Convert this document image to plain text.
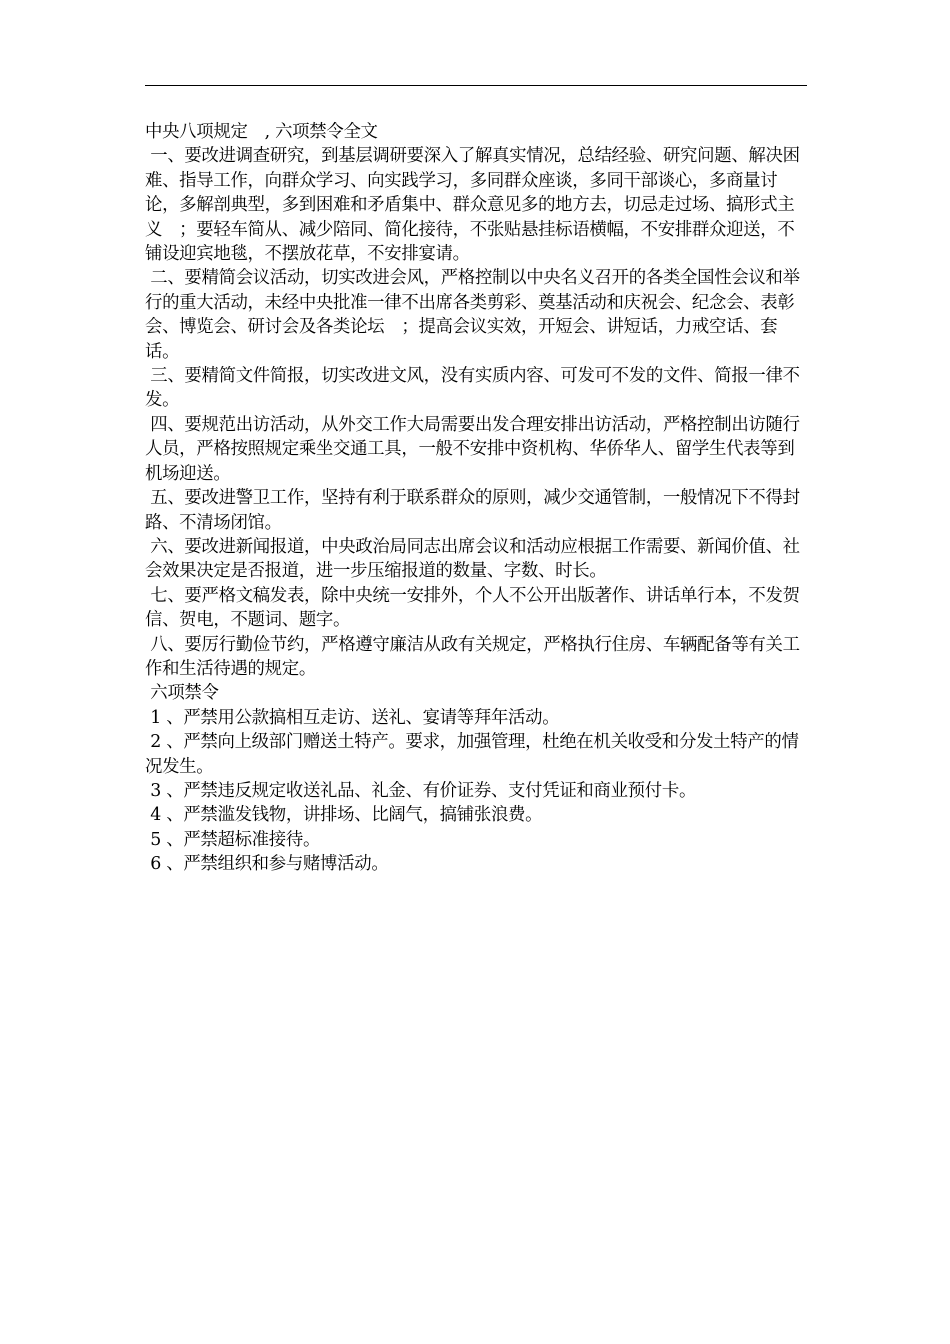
中央八项规定　, 六项禁令全文

一、要改进调查研究，到基层调研要深入了解真实情况，总结经验、研究问题、解决困难、指导工作，向群众学习、向实践学习，多同群众座谈，多同干部谈心，多商量讨论，多解剖典型，多到困难和矛盾集中、群众意见多的地方去，切忌走过场、搞形式主义　；要轻车简从、减少陪同、简化接待，不张贴悬挂标语横幅，不安排群众迎送，不铺设迎宾地毯，不摆放花草，不安排宴请。

二、要精简会议活动，切实改进会风，严格控制以中央名义召开的各类全国性会议和举行的重大活动，未经中央批准一律不出席各类剪彩、奠基活动和庆祝会、纪念会、表彰会、博览会、研讨会及各类论坛　；提高会议实效，开短会、讲短话，力戒空话、套话。

三、要精简文件简报，切实改进文风，没有实质内容、可发可不发的文件、简报一律不发。

四、要规范出访活动，从外交工作大局需要出发合理安排出访活动，严格控制出访随行人员，严格按照规定乘坐交通工具，一般不安排中资机构、华侨华人、留学生代表等到机场迎送。

五、要改进警卫工作，坚持有利于联系群众的原则，减少交通管制，一般情况下不得封路、不清场闭馆。

六、要改进新闻报道，中央政治局同志出席会议和活动应根据工作需要、新闻价值、社会效果决定是否报道，进一步压缩报道的数量、字数、时长。

七、要严格文稿发表，除中央统一安排外，个人不公开出版著作、讲话单行本，不发贺信、贺电，不题词、题字。

八、要厉行勤俭节约，严格遵守廉洁从政有关规定，严格执行住房、车辆配备等有关工作和生活待遇的规定。

六项禁令

1 、严禁用公款搞相互走访、送礼、宴请等拜年活动。

2 、严禁向上级部门赠送土特产。要求，加强管理，杜绝在机关收受和分发土特产的情况发生。

3 、严禁违反规定收送礼品、礼金、有价证券、支付凭证和商业预付卡。

4 、严禁滥发钱物，讲排场、比阔气，搞铺张浪费。

5 、严禁超标准接待。

6 、严禁组织和参与赌博活动。
